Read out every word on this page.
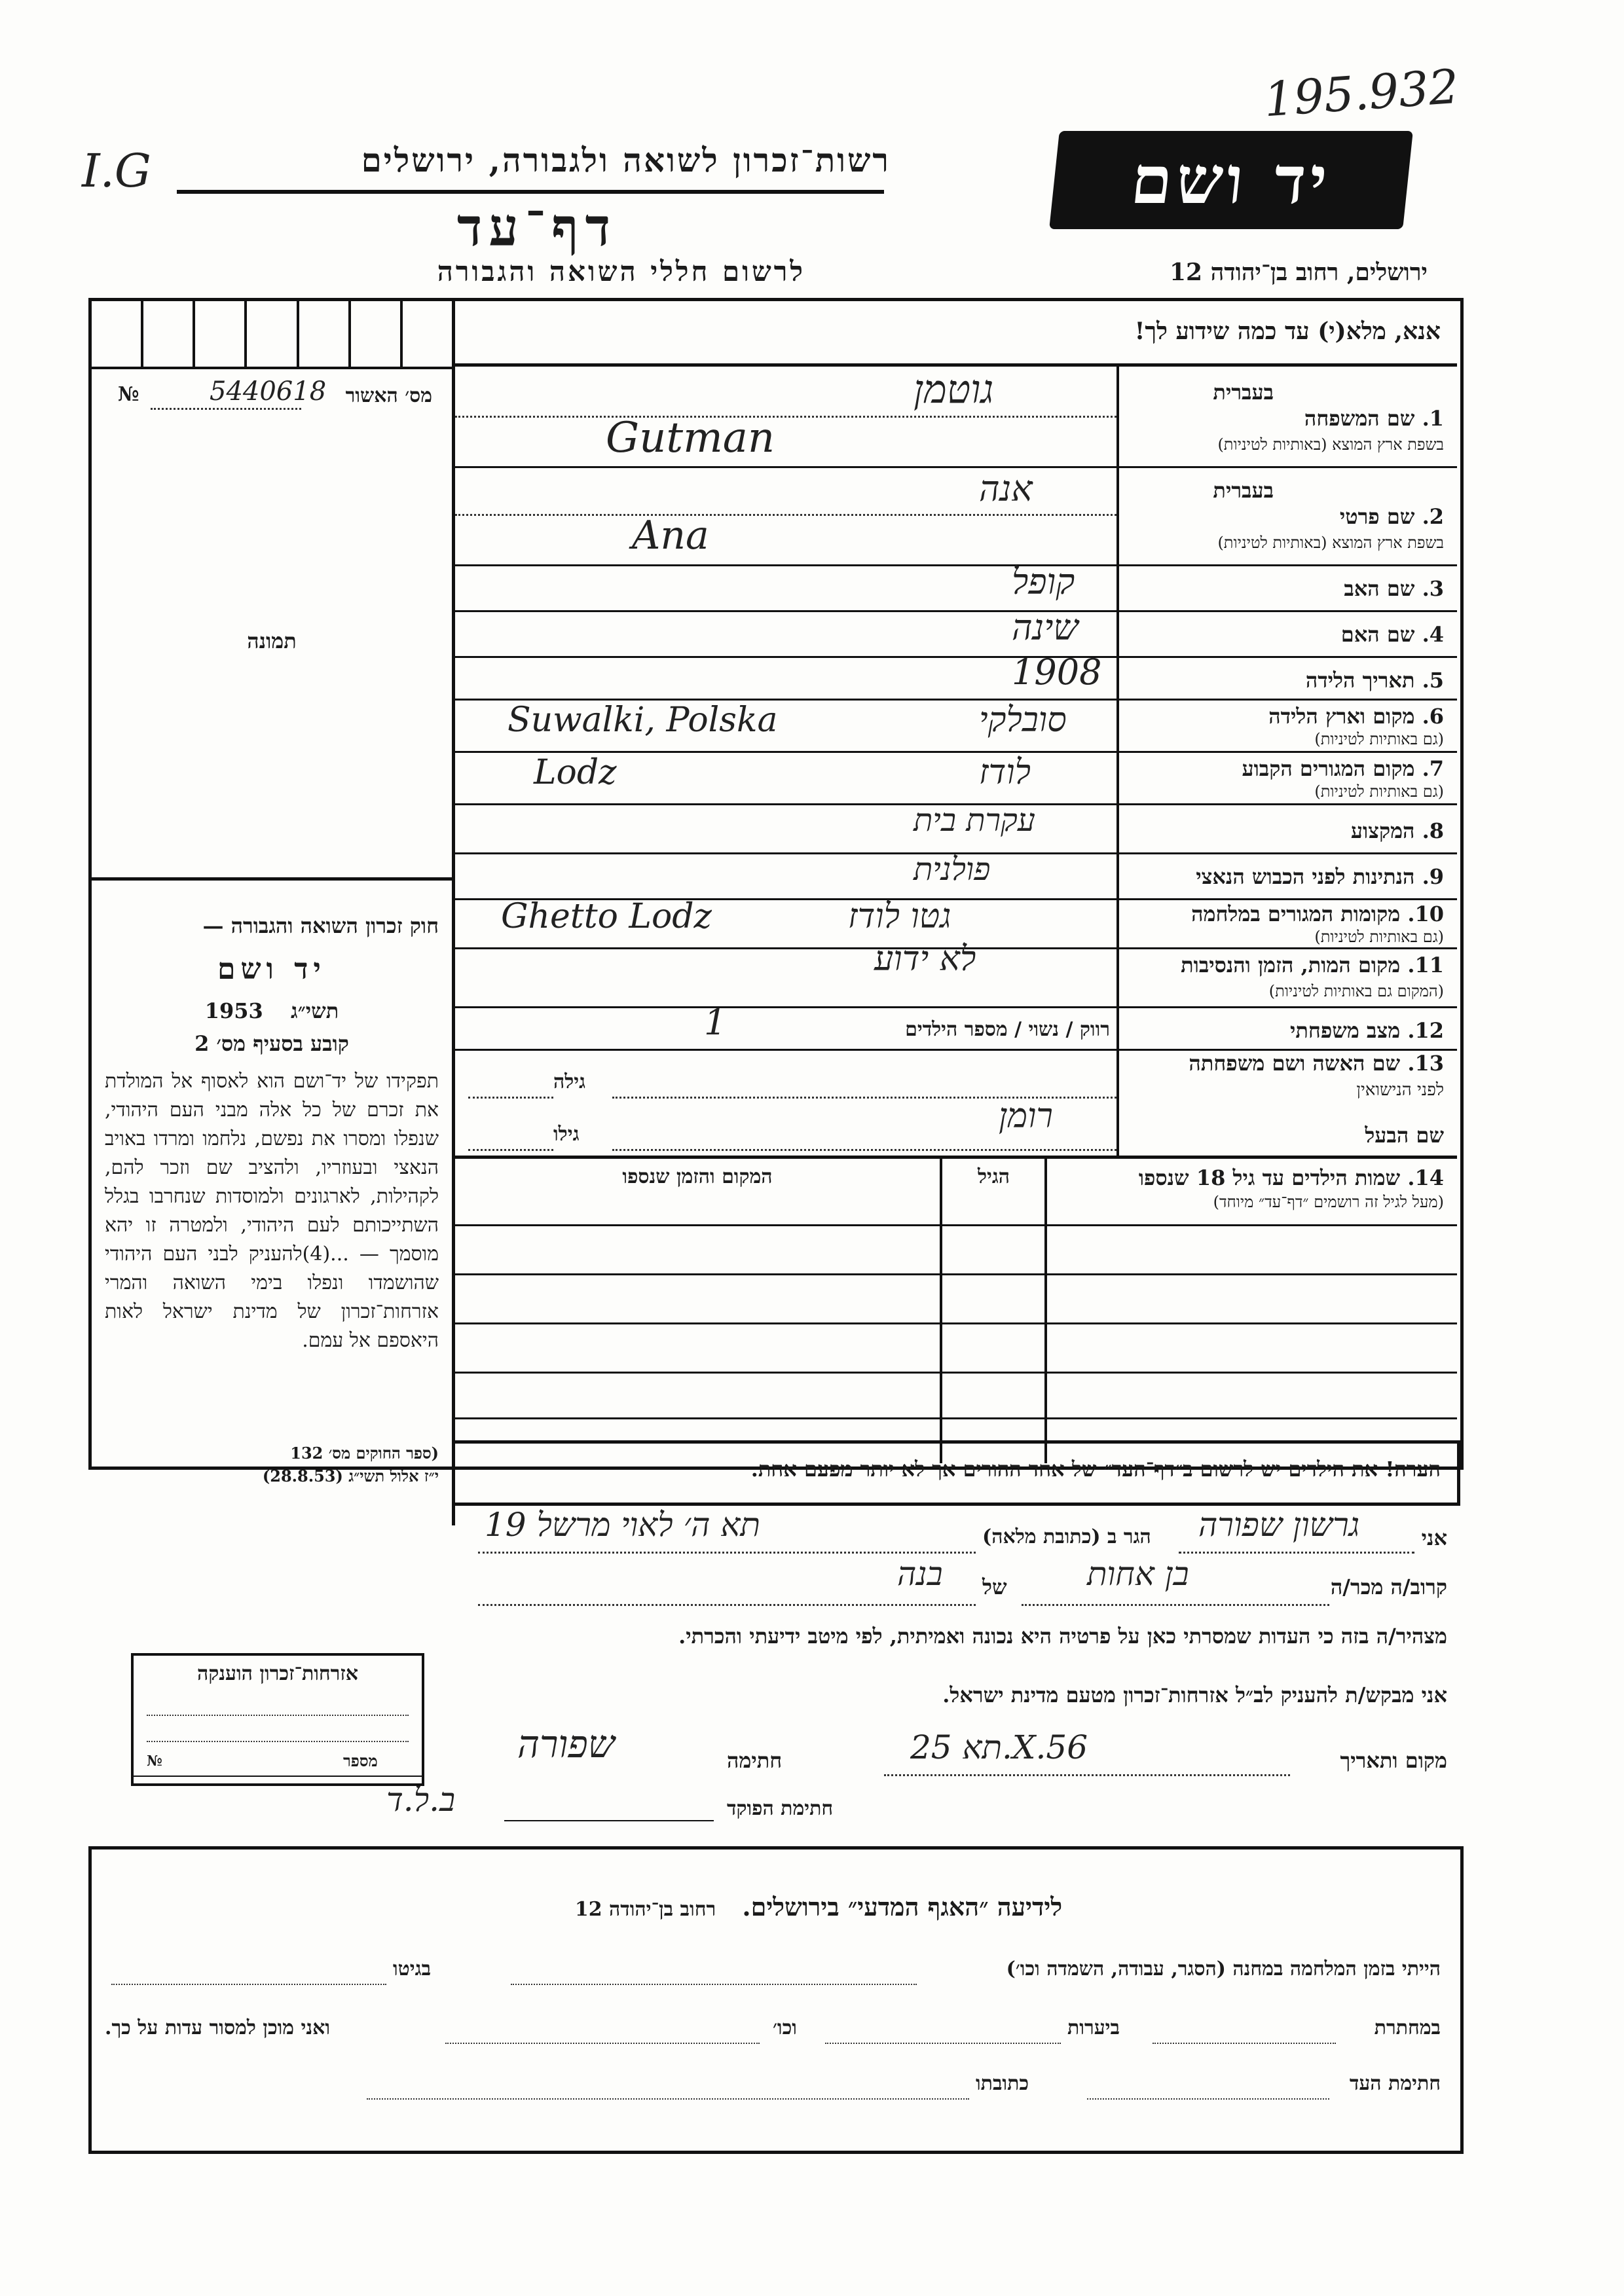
195.932
I.G	רשות־זכרון לשואה ולגבורה, ירושלים	יד ושם
דף־עד
לרשום חללי השואה והגבורה	ירושלים, רחוב בן־יהודה 12
№	5440618 מס׳ האשור
תמונה
חוק זכרון השואה והגבורה —
יד ושם
1953 תשי״ג
קובע בסעיף מס׳ 2
תפקידו של יד־ושם הוא לאסוף אל המולדת את זכרם של כל אלה מבני העם היהודי, שנפלו ומסרו את נפשם, נלחמו ומרדו באויב הנאצי ובעוזריו, ולהציב שם וזכר להם, לקהילות, לארגונים ולמוסדות שנחרבו בגלל השתייכותם לעם היהודי, ולמטרה זו יהא מוסמך — ...(4)להעניק לבני העם היהודי שהושמדו ונפלו בימי השואה והמרי אזרחות־זכרון של מדינת ישראל לאות היאספם אל עמם.
(ספר החוקים מס׳ 132
י״ז אלול תשי״ג (28.8.53)
אנא, מלא(י) עד כמה שידוע לך!
בעברית
1. שם המשפחה
בשפת ארץ המוצא (באותיות לטיניות)
גוטמן
Gutman
בעברית
2. שם פרטי
בשפת ארץ המוצא (באותיות לטיניות)
אנה
Ana
3. שם האב
קופל
4. שם האם
שינה
5. תאריך הלידה
1908
6. מקום וארץ הלידה
(גם באותיות לטיניות)
Suwalki, Polska	סובלקי
7. מקום המגורים הקבוע
(גם באותיות לטיניות)
Lodz	לודז
8. המקצוע
עקרת בית
9. הנתינות לפני הכבוש הנאצי
פולנית
10. מקומות המגורים במלחמה
(גם באותיות לטיניות)
Ghetto Lodz	גטו לודז
11. מקום המות, הזמן והנסיבות
(המקום גם באותיות לטיניות)
לא ידוע
12. מצב משפחתי
רווק / נשוי / מספר הילדים
1
13. שם האשה ושם משפחתה
לפני הנישואין
גילה
שם הבעל
גילו	רומן
14. שמות הילדים עד גיל 18 שנספו
(מעל לגיל זה רושמים ״דף־עד״ מיוחד)
הגיל
המקום והזמן שנספו
הערה! את הילדים יש לרשום ב״דף־העד״ של אחד ההורים אך לא יותר מפעם אחת.
אני
גרשון שפורה
הגר ב (כתובת מלאה)
תא ה׳ לאוי מרשל 19
קרוב/ה מכר/ה
בן אחות
של
בנה
מצהיר/ה בזה כי העדות שמסרתי כאן על פרטיה היא נכונה ואמיתית, לפי מיטב ידיעתי והכרתי.
אני מבקש/ת להעניק לב״ל אזרחות־זכרון מטעם מדינת ישראל.
מקום ותאריך
תא 25.X.56
חתימה
שפורה
חתימת הפוקד
ב.ל.ד
אזרחות־זכרון הוענקה
№	מספר
לידיעה ״האגף המדעי״ בירושלים.  רחוב בן־יהודה 12
הייתי בזמן המלחמה במחנה (הסגר, עבודה, השמדה וכו׳)
בגיטו
במחתרת
ביערות
וכו׳
ואני מוכן למסור עדות על כך.
חתימת העד
כתובתו
